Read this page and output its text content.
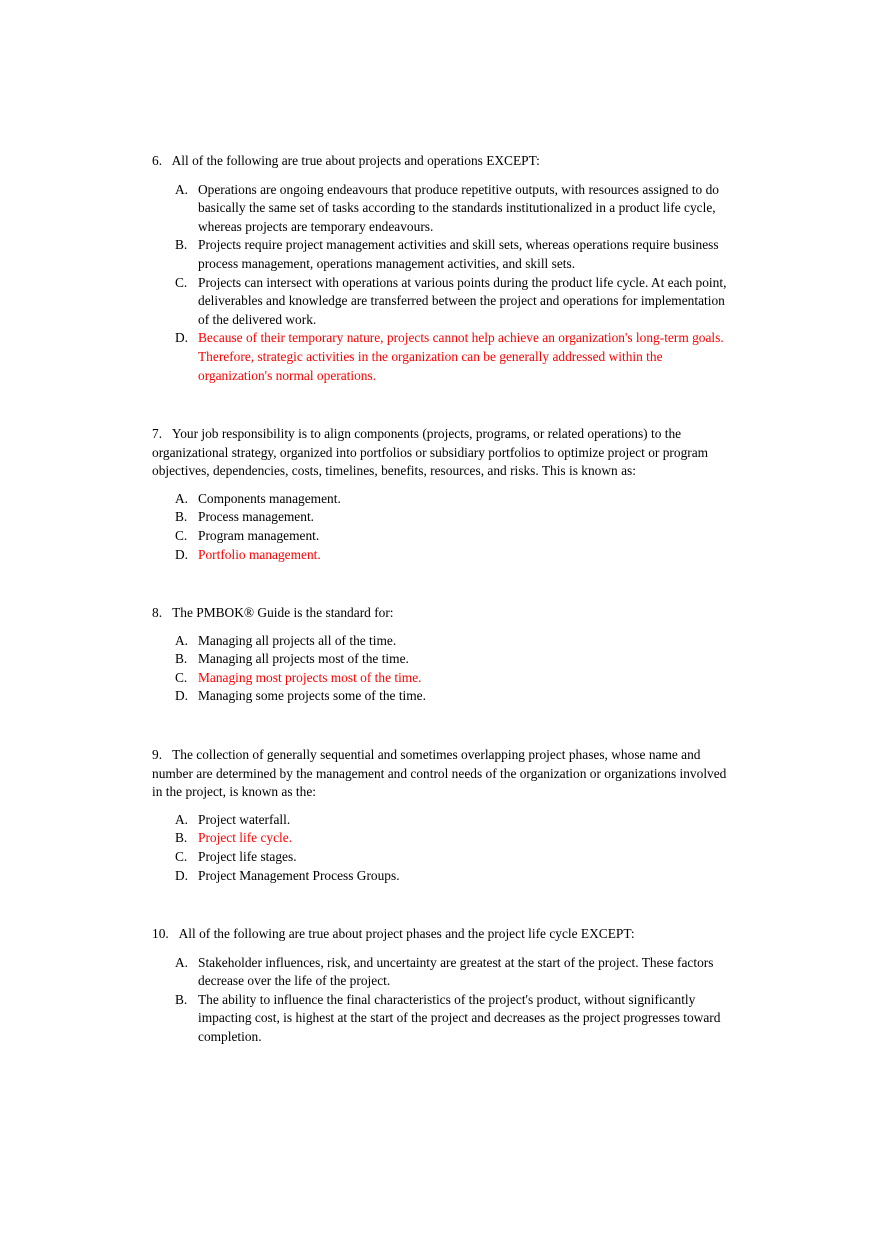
6. All of the following are true about projects and operations EXCEPT:

A. Operations are ongoing endeavours that produce repetitive outputs, with resources assigned to do basically the same set of tasks according to the standards institutionalized in a product life cycle, whereas projects are temporary endeavours.
B. Projects require project management activities and skill sets, whereas operations require business process management, operations management activities, and skill sets.
C. Projects can intersect with operations at various points during the product life cycle. At each point, deliverables and knowledge are transferred between the project and operations for implementation of the delivered work.
D. Because of their temporary nature, projects cannot help achieve an organization's long-term goals. Therefore, strategic activities in the organization can be generally addressed within the organization's normal operations.

7. Your job responsibility is to align components (projects, programs, or related operations) to the organizational strategy, organized into portfolios or subsidiary portfolios to optimize project or program objectives, dependencies, costs, timelines, benefits, resources, and risks. This is known as:

A. Components management.
B. Process management.
C. Program management.
D. Portfolio management.

8. The PMBOK® Guide is the standard for:

A. Managing all projects all of the time.
B. Managing all projects most of the time.
C. Managing most projects most of the time.
D. Managing some projects some of the time.

9. The collection of generally sequential and sometimes overlapping project phases, whose name and number are determined by the management and control needs of the organization or organizations involved in the project, is known as the:

A. Project waterfall.
B. Project life cycle.
C. Project life stages.
D. Project Management Process Groups.

10. All of the following are true about project phases and the project life cycle EXCEPT:

A. Stakeholder influences, risk, and uncertainty are greatest at the start of the project. These factors decrease over the life of the project.
B. The ability to influence the final characteristics of the project's product, without significantly impacting cost, is highest at the start of the project and decreases as the project progresses toward completion.
